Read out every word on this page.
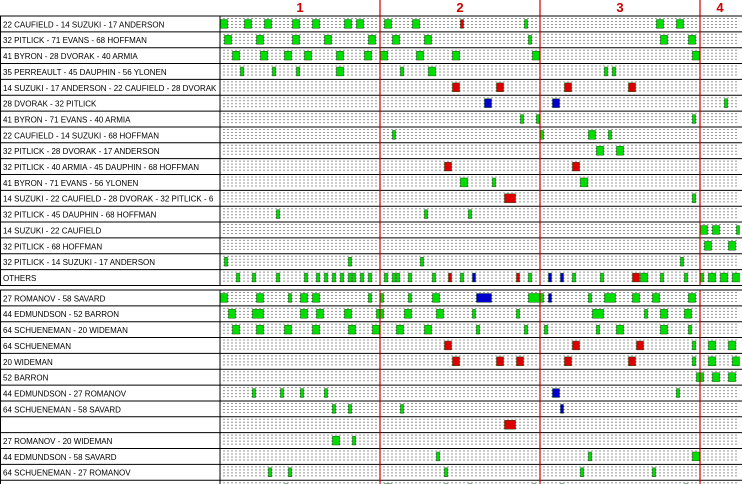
1	2	3	4
22 CAUFIELD - 14 SUZUKI - 17 ANDERSON
32 PITLICK - 71 EVANS - 68 HOFFMAN
41 BYRON - 28 DVORAK - 40 ARMIA
35 PERREAULT - 45 DAUPHIN - 56 YLONEN
14 SUZUKI - 17 ANDERSON - 22 CAUFIELD - 28 DVORAK
28 DVORAK - 32 PITLICK
41 BYRON - 71 EVANS - 40 ARMIA
22 CAUFIELD - 14 SUZUKI - 68 HOFFMAN
32 PITLICK - 28 DVORAK - 17 ANDERSON
32 PITLICK - 40 ARMIA - 45 DAUPHIN - 68 HOFFMAN
41 BYRON - 71 EVANS - 56 YLONEN
14 SUZUKI - 22 CAUFIELD - 28 DVORAK - 32 PITLICK - 6
32 PITLICK - 45 DAUPHIN - 68 HOFFMAN
14 SUZUKI - 22 CAUFIELD
32 PITLICK - 68 HOFFMAN
32 PITLICK - 14 SUZUKI - 17 ANDERSON
OTHERS
27 ROMANOV - 58 SAVARD
44 EDMUNDSON - 52 BARRON
64 SCHUENEMAN - 20 WIDEMAN
64 SCHUENEMAN
20 WIDEMAN
52 BARRON
44 EDMUNDSON - 27 ROMANOV
64 SCHUENEMAN - 58 SAVARD
27 ROMANOV - 20 WIDEMAN
44 EDMUNDSON - 58 SAVARD
64 SCHUENEMAN - 27 ROMANOV
